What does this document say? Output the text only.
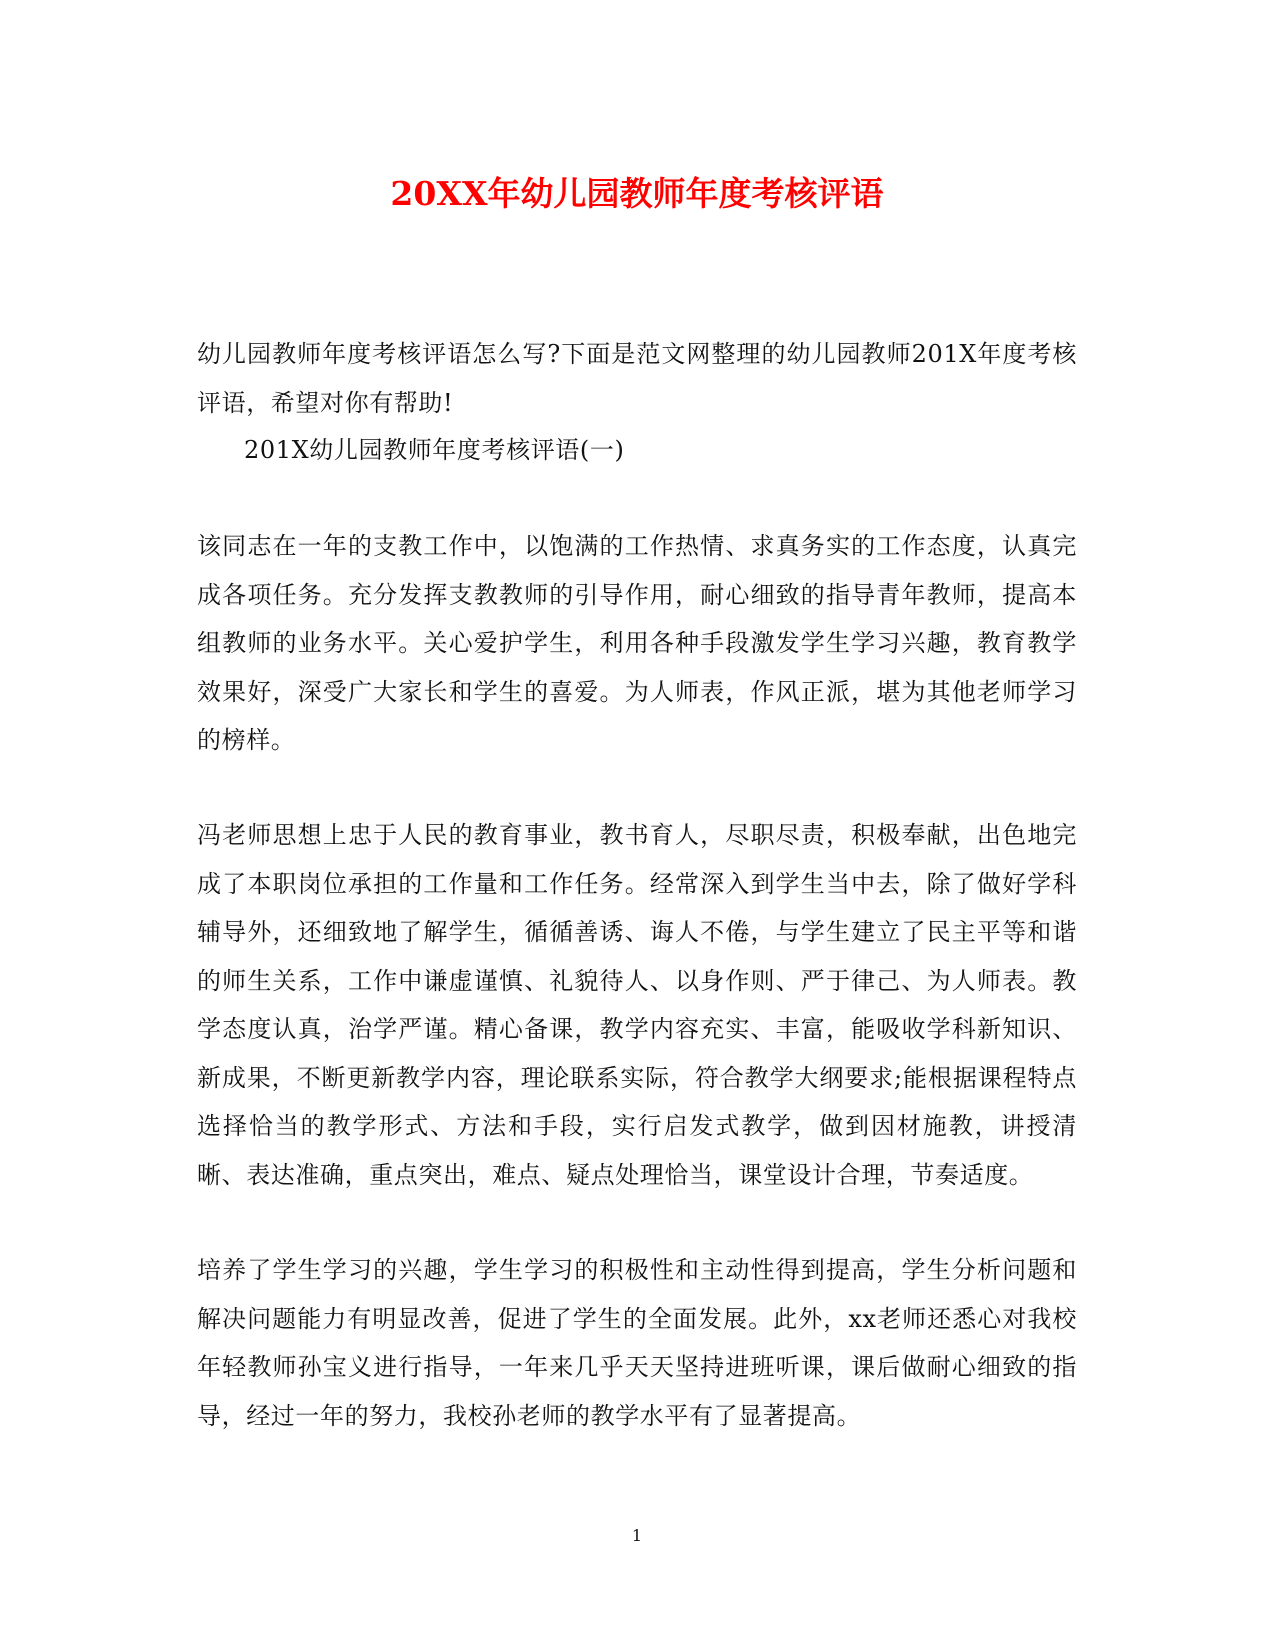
20XX年幼儿园教师年度考核评语
幼儿园教师年度考核评语怎么写?下面是范文网整理的幼儿园教师201X年度考核评语，希望对你有帮助!
201X幼儿园教师年度考核评语(一)
该同志在一年的支教工作中，以饱满的工作热情、求真务实的工作态度，认真完成各项任务。充分发挥支教教师的引导作用，耐心细致的指导青年教师，提高本组教师的业务水平。关心爱护学生，利用各种手段激发学生学习兴趣，教育教学效果好，深受广大家长和学生的喜爱。为人师表，作风正派，堪为其他老师学习的榜样。
冯老师思想上忠于人民的教育事业，教书育人，尽职尽责，积极奉献，出色地完成了本职岗位承担的工作量和工作任务。经常深入到学生当中去，除了做好学科辅导外，还细致地了解学生，循循善诱、诲人不倦，与学生建立了民主平等和谐的师生关系，工作中谦虚谨慎、礼貌待人、以身作则、严于律己、为人师表。教学态度认真，治学严谨。精心备课，教学内容充实、丰富，能吸收学科新知识、新成果，不断更新教学内容，理论联系实际，符合教学大纲要求;能根据课程特点选择恰当的教学形式、方法和手段，实行启发式教学，做到因材施教，讲授清晰、表达准确，重点突出，难点、疑点处理恰当，课堂设计合理，节奏适度。
培养了学生学习的兴趣，学生学习的积极性和主动性得到提高，学生分析问题和解决问题能力有明显改善，促进了学生的全面发展。此外，xx老师还悉心对我校年轻教师孙宝义进行指导，一年来几乎天天坚持进班听课，课后做耐心细致的指导，经过一年的努力，我校孙老师的教学水平有了显著提高。
1
